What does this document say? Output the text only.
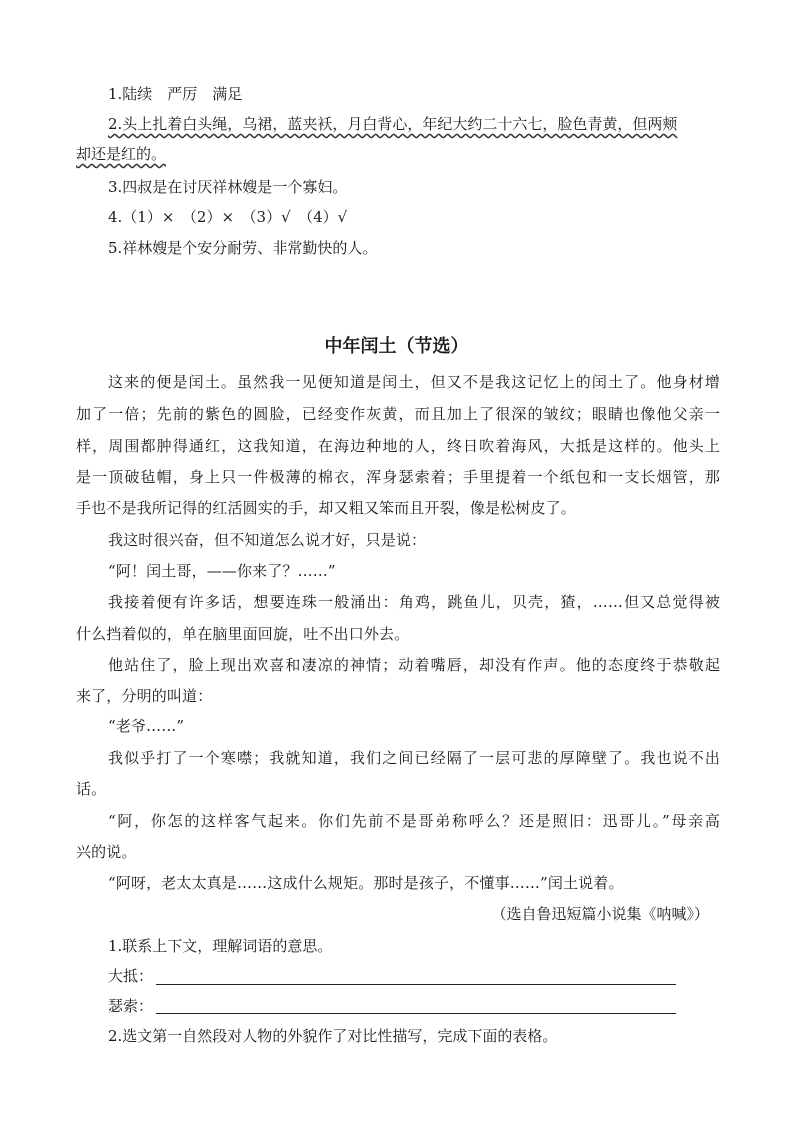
1.陆续　严厉　满足
2.头上扎着白头绳，乌裙，蓝夹袄，月白背心，年纪大约二十六七，脸色青黄，但两颊
却还是红的。
3.四叔是在讨厌祥林嫂是一个寡妇。
4.（1）×　（2）×　（3）√　（4）√
5.祥林嫂是个安分耐劳、非常勤快的人。
中年闰土（节选）
这来的便是闰土。虽然我一见便知道是闰土，但又不是我这记忆上的闰土了。他身材增
加了一倍；先前的紫色的圆脸，已经变作灰黄，而且加上了很深的皱纹；眼睛也像他父亲一
样，周围都肿得通红，这我知道，在海边种地的人，终日吹着海风，大抵是这样的。他头上
是一顶破毡帽，身上只一件极薄的棉衣，浑身瑟索着；手里提着一个纸包和一支长烟管，那
手也不是我所记得的红活圆实的手，却又粗又笨而且开裂，像是松树皮了。
我这时很兴奋，但不知道怎么说才好，只是说：
“阿！闰土哥，——你来了？……”
我接着便有许多话，想要连珠一般涌出：角鸡，跳鱼儿，贝壳，猹，……但又总觉得被
什么挡着似的，单在脑里面回旋，吐不出口外去。
他站住了，脸上现出欢喜和凄凉的神情；动着嘴唇，却没有作声。他的态度终于恭敬起
来了，分明的叫道：
“老爷……”
我似乎打了一个寒噤；我就知道，我们之间已经隔了一层可悲的厚障壁了。我也说不出
话。
“阿，你怎的这样客气起来。你们先前不是哥弟称呼么？还是照旧：迅哥儿。”母亲高
兴的说。
“阿呀，老太太真是……这成什么规矩。那时是孩子，不懂事……”闰土说着。
（选自鲁迅短篇小说集《呐喊》）
1.联系上下文，理解词语的意思。
大抵：
瑟索：
2.选文第一自然段对人物的外貌作了对比性描写，完成下面的表格。
